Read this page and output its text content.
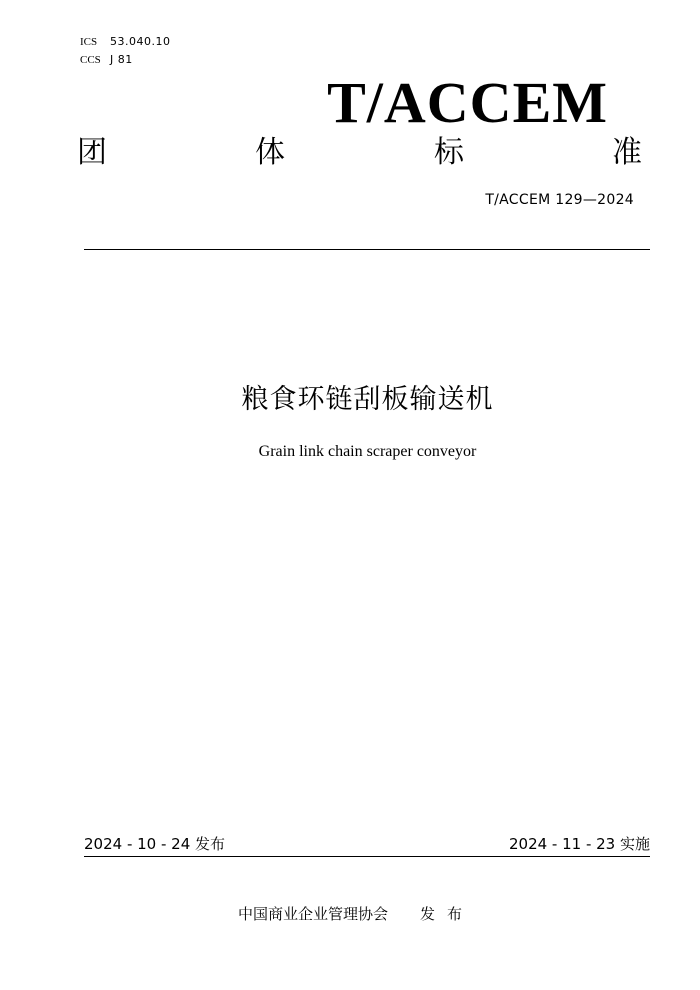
ICS 53.040.10
CCS J 81
T/ACCEM
团	体	标	准
T/ACCEM 129—2024
粮食环链刮板输送机
Grain link chain scraper conveyor
2024 - 10 - 24 发布	2024 - 11 - 23 实施
中国商业企业管理协会 发布
